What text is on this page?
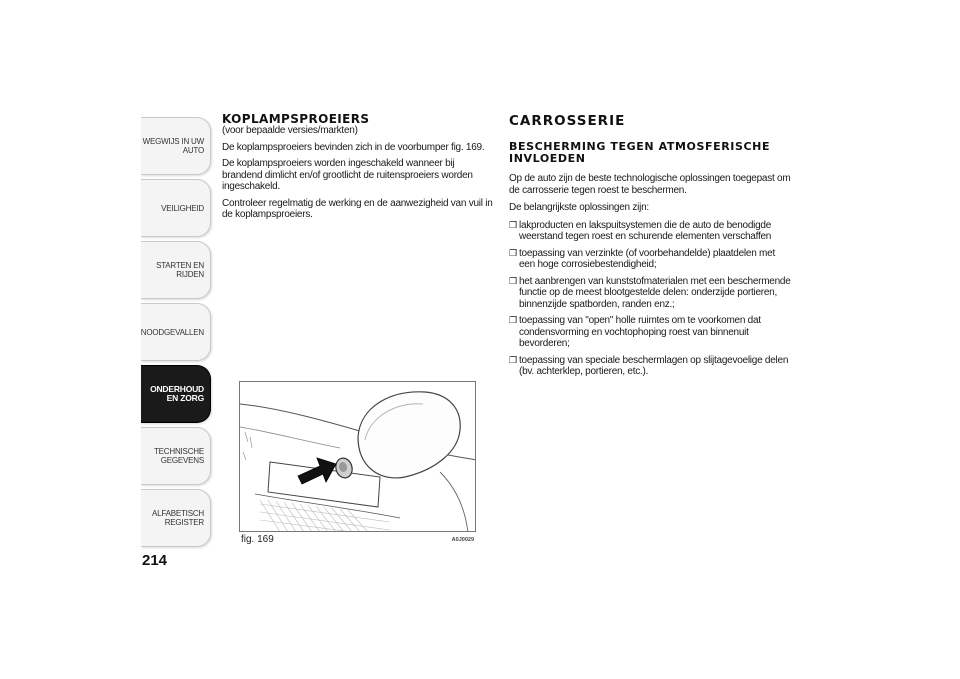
WEGWIJS IN UW AUTO
VEILIGHEID
STARTEN EN RIJDEN
NOODGEVALLEN
ONDERHOUD EN ZORG
TECHNISCHE GEGEVENS
ALFABETISCH REGISTER
214
KOPLAMPSPROEIERS

(voor bepaalde versies/markten)

De koplampsproeiers bevinden zich in de voorbumper fig. 169.

De koplampsproeiers worden ingeschakeld wanneer bij brandend dimlicht en/of grootlicht de ruitensproeiers worden ingeschakeld.

Controleer regelmatig de werking en de aanwezigheid van vuil in de koplampsproeiers.

fig. 169	A0J0029
CARROSSERIE
BESCHERMING TEGEN ATMOSFERISCHE INVLOEDEN

Op de auto zijn de beste technologische oplossingen toegepast om de carrosserie tegen roest te beschermen.

De belangrijkste oplossingen zijn:

❒ lakproducten en lakspuitsystemen die de auto de benodigde weerstand tegen roest en schurende elementen verschaffen
❒ toepassing van verzinkte (of voorbehandelde) plaatdelen met een hoge corrosiebestendigheid;
❒ het aanbrengen van kunststofmaterialen met een beschermende functie op de meest blootgestelde delen: onderzijde portieren, binnenzijde spatborden, randen enz.;
❒ toepassing van "open" holle ruimtes om te voorkomen dat condensvorming en vochtophoping roest van binnenuit bevorderen;
❒ toepassing van speciale beschermlagen op slijtagevoelige delen (bv. achterklep, portieren, etc.).
